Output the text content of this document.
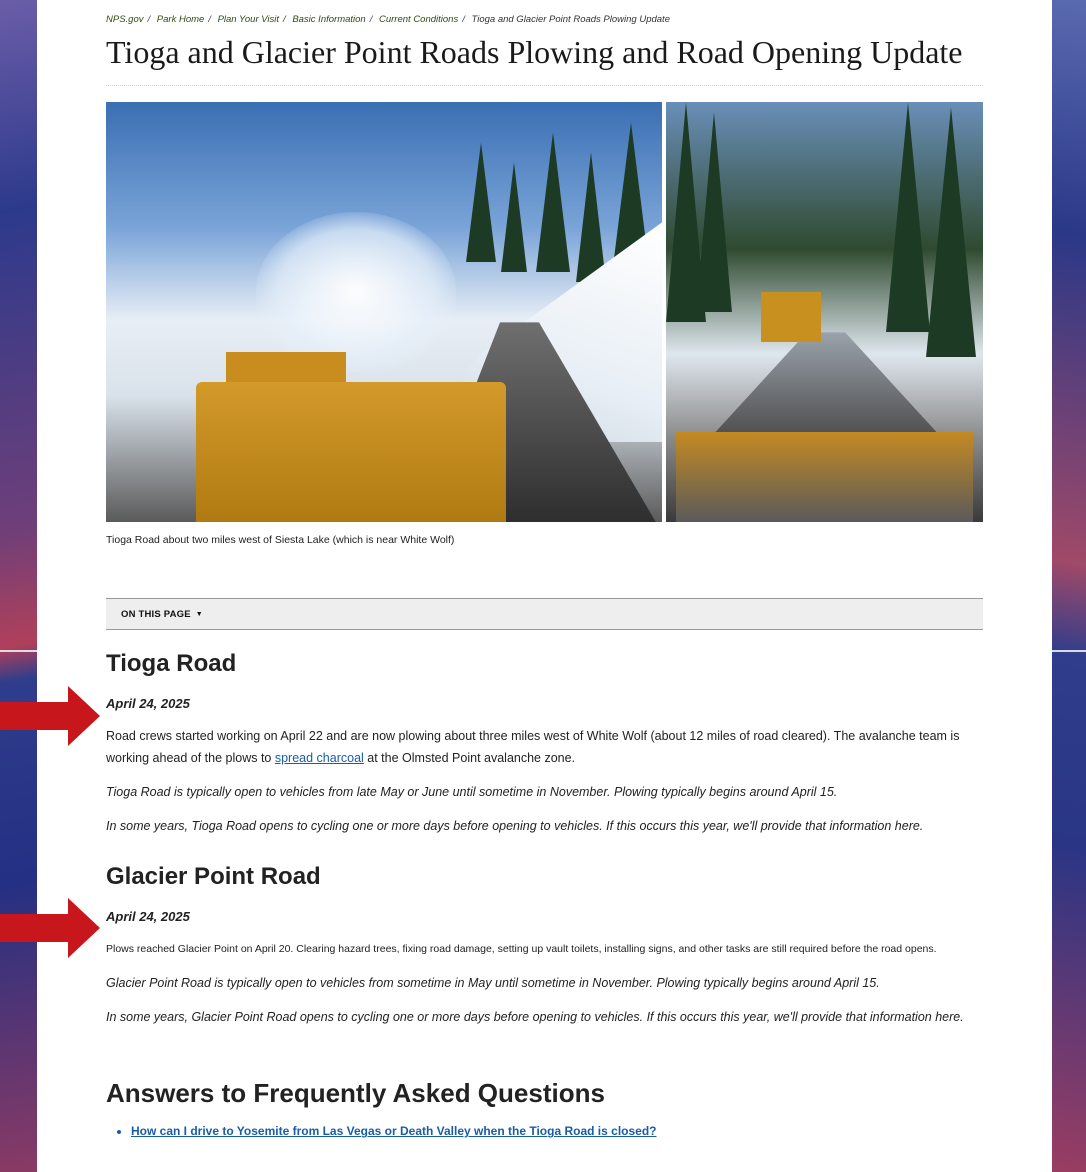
NPS.gov / Park Home / Plan Your Visit / Basic Information / Current Conditions / Tioga and Glacier Point Roads Plowing Update
Tioga and Glacier Point Roads Plowing and Road Opening Update
Tioga Road about two miles west of Siesta Lake (which is near White Wolf)
ON THIS PAGE ▼
Tioga Road
April 24, 2025

Road crews started working on April 22 and are now plowing about three miles west of White Wolf (about 12 miles of road cleared). The avalanche team is working ahead of the plows to spread charcoal at the Olmsted Point avalanche zone.

Tioga Road is typically open to vehicles from late May or June until sometime in November. Plowing typically begins around April 15.

In some years, Tioga Road opens to cycling one or more days before opening to vehicles. If this occurs this year, we'll provide that information here.

Glacier Point Road
April 24, 2025

Plows reached Glacier Point on April 20. Clearing hazard trees, fixing road damage, setting up vault toilets, installing signs, and other tasks are still required before the road opens.

Glacier Point Road is typically open to vehicles from sometime in May until sometime in November. Plowing typically begins around April 15.

In some years, Glacier Point Road opens to cycling one or more days before opening to vehicles. If this occurs this year, we'll provide that information here.

Answers to Frequently Asked Questions
• How can I drive to Yosemite from Las Vegas or Death Valley when the Tioga Road is closed?
